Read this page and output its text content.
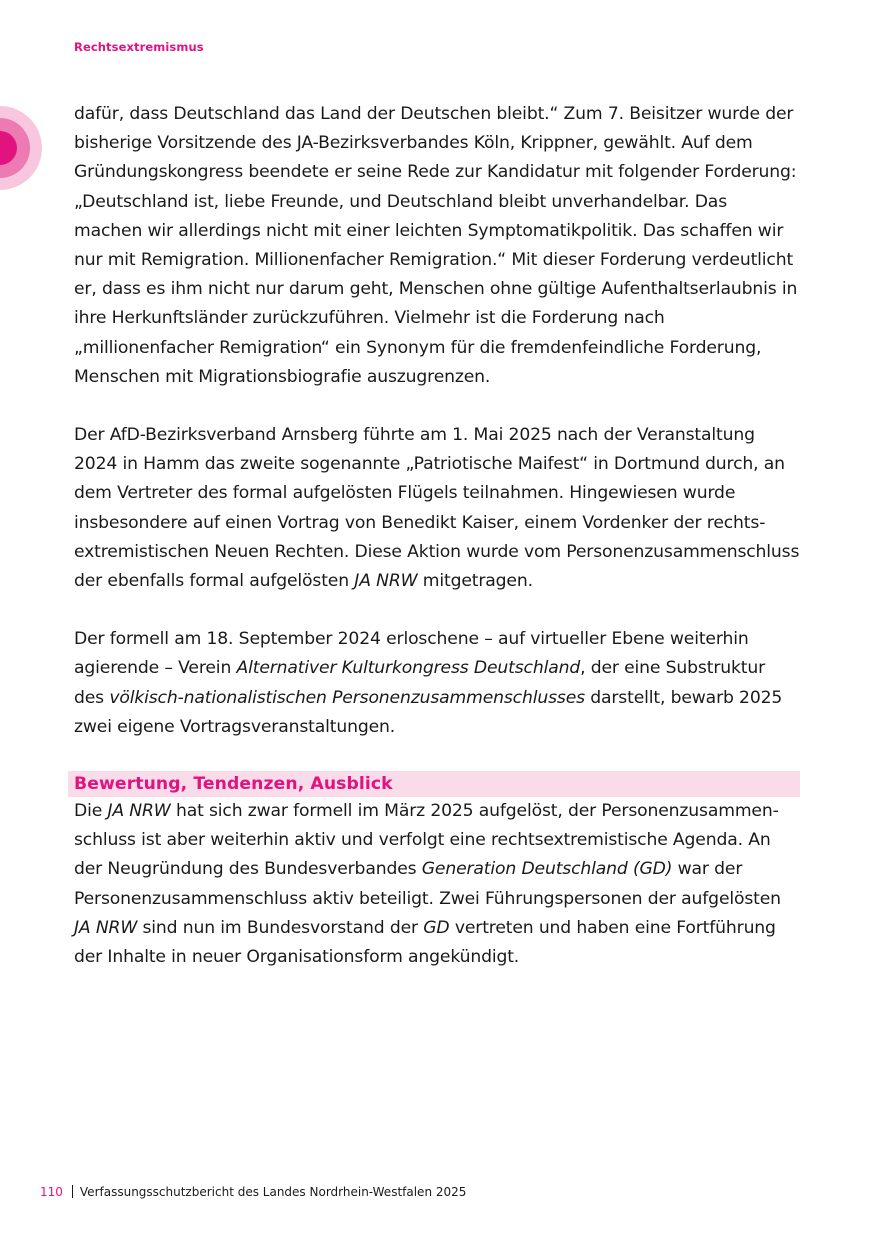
Rechtsextremismus

dafür, dass Deutschland das Land der Deutschen bleibt.“ Zum 7. Beisitzer wurde der bisherige Vorsitzende des JA-Bezirksverbandes Köln, Krippner, gewählt. Auf dem Gründungskongress beendete er seine Rede zur Kandidatur mit folgender Forderung: „Deutschland ist, liebe Freunde, und Deutschland bleibt unverhandelbar. Das machen wir allerdings nicht mit einer leichten Symptomatikpolitik. Das schaffen wir nur mit Remigration. Millionenfacher Remigration.“ Mit dieser Forderung verdeutlicht er, dass es ihm nicht nur darum geht, Menschen ohne gültige Aufenthaltserlaubnis in ihre Herkunftsländer zurückzuführen. Vielmehr ist die Forderung nach „millionenfacher Remigration“ ein Synonym für die fremdenfeindliche Forderung, Menschen mit Migrationsbiografie auszugrenzen.

Der AfD-Bezirksverband Arnsberg führte am 1. Mai 2025 nach der Veranstaltung 2024 in Hamm das zweite sogenannte „Patriotische Maifest“ in Dortmund durch, an dem Vertreter des formal aufgelösten Flügels teilnahmen. Hingewiesen wurde insbesondere auf einen Vortrag von Benedikt Kaiser, einem Vordenker der rechtsextremistischen Neuen Rechten. Diese Aktion wurde vom Personenzusammenschluss der ebenfalls formal aufgelösten JA NRW mitgetragen.

Der formell am 18. September 2024 erloschene – auf virtueller Ebene weiterhin agierende – Verein Alternativer Kulturkongress Deutschland, der eine Substruktur des völkisch-nationalistischen Personenzusammenschlusses darstellt, bewarb 2025 zwei eigene Vortragsveranstaltungen.

Bewertung, Tendenzen, Ausblick

Die JA NRW hat sich zwar formell im März 2025 aufgelöst, der Personenzusammenschluss ist aber weiterhin aktiv und verfolgt eine rechtsextremistische Agenda. An der Neugründung des Bundesverbandes Generation Deutschland (GD) war der Personenzusammenschluss aktiv beteiligt. Zwei Führungspersonen der aufgelösten JA NRW sind nun im Bundesvorstand der GD vertreten und haben eine Fortführung der Inhalte in neuer Organisationsform angekündigt.

110 Verfassungsschutzbericht des Landes Nordrhein-Westfalen 2025
